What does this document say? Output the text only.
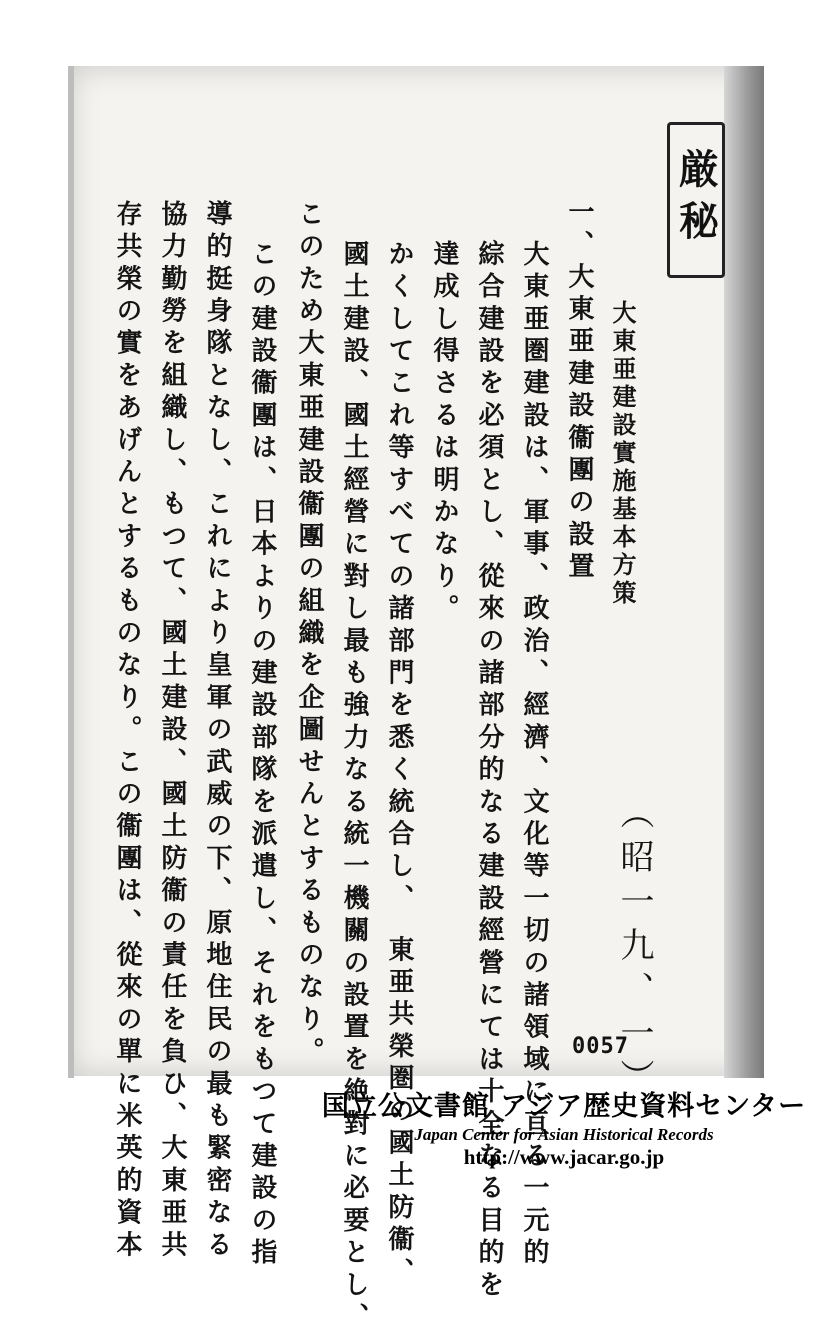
厳秘
大東亜建設實施基本方策
（昭一九、一）
一、大東亜建設衞團の設置
大東亜圏建設は、軍事、政治、經濟、文化等一切の諸領域に亘る一元的
綜合建設を必須とし、從來の諸部分的なる建設經營にては十全なる目的を
達成し得さるは明かなり。
かくしてこれ等すべての諸部門を悉く統合し、　東亜共榮圏の國土防衞、
國土建設、國土經營に對し最も強力なる統一機關の設置を絶對に必要とし、
このため大東亜建設衞團の組織を企圖せんとするものなり。
この建設衞團は、日本よりの建設部隊を派遣し、それをもつて建設の指
導的挺身隊となし、これにより皇軍の武威の下、原地住民の最も緊密なる
協力勤勞を組織し、もつて、國土建設、國土防衞の責任を負ひ、大東亜共
存共榮の實をあげんとするものなり。この衞團は、從來の單に米英的資本	0057
国立公文書館 アジア歴史資料センター
Japan Center for Asian Historical Records
http://www.jacar.go.jp
